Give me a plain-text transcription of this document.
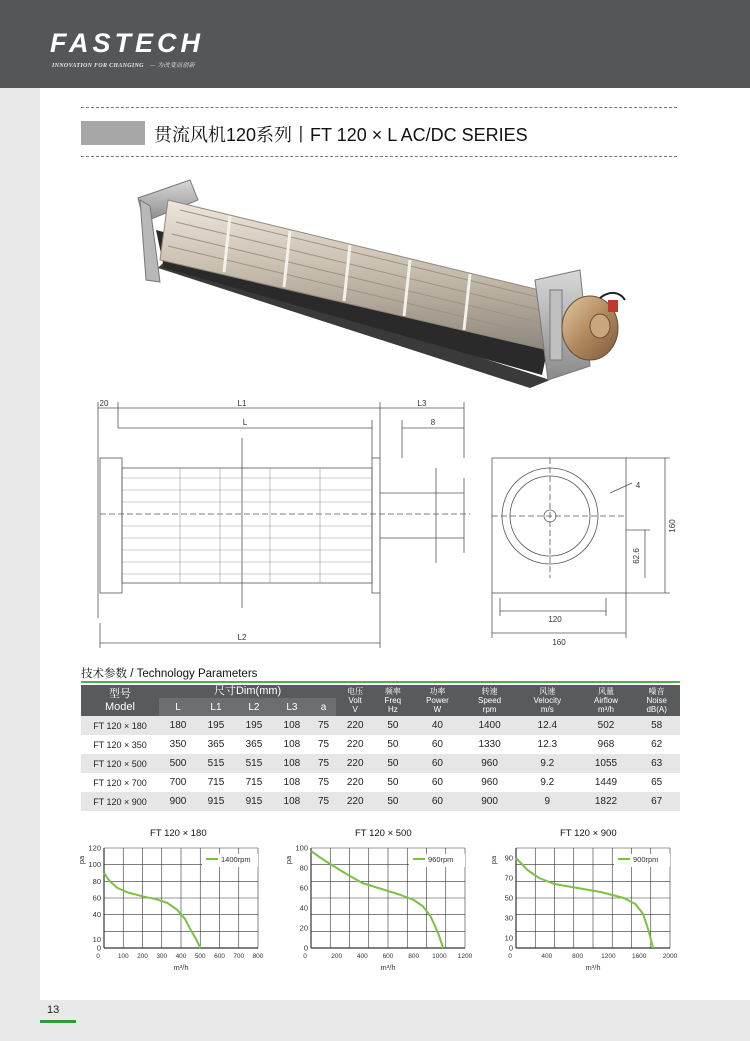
FASTECH
INNOVATION FOR CHANGING — 为改变而创新
贯流风机120系列丨FT 120 × L AC/DC SERIES
20	L1	L3
L	8
L2
4
160
62.6
120
160
技术参数 / Technology Parameters
型号
Model	尺寸Dim(mm)					电压
Volt
V	频率
Freq
Hz	功率
Power
W	转速
Speed
rpm	风速
Velocity
m/s	风量
Airflow
m³/h	噪音
Noise
dB(A)
	L	L1	L2	L3	a							
FT 120 × 180	180	195	195	108	75	220	50	40	1400	12.4	502	58
FT 120 × 350	350	365	365	108	75	220	50	60	1330	12.3	968	62
FT 120 × 500	500	515	515	108	75	220	50	60	960	9.2	1055	63
FT 120 × 700	700	715	715	108	75	220	50	60	960	9.2	1449	65
FT 120 × 900	900	915	915	108	75	220	50	60	900	9	1822	67
FT 120 × 180
0	100 200 300 400 500 600 700 800
0
10
40
60
80
100
120
pa
m³/h
1400rpm
FT 120 × 500
0	200 400 600 800 1000 1200
0
20
40
60
80
100
pa
m³/h
960rpm
FT 120 × 900
0	400	800	1200	1600	2000
0
10
30
50
70
90
pa
m³/h
900rpm
13
